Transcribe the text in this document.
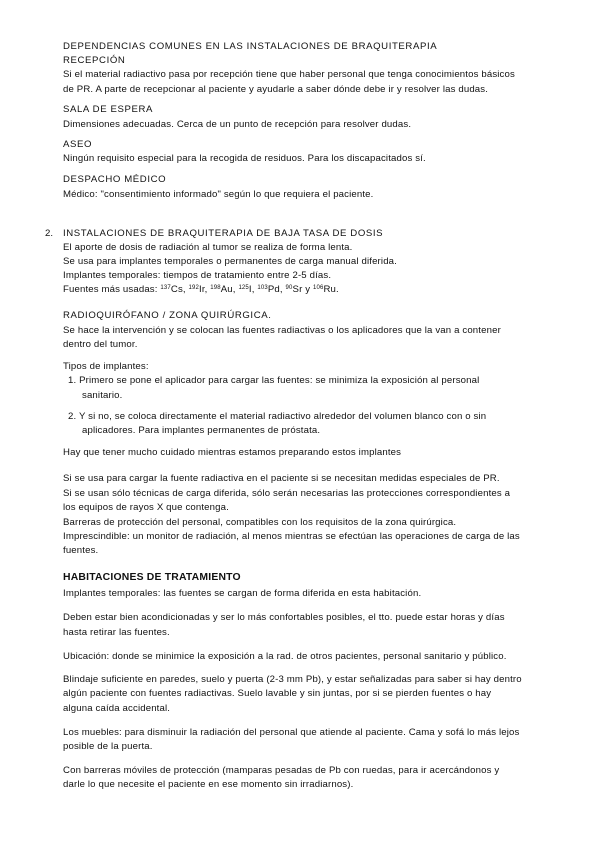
DEPENDENCIAS COMUNES EN LAS INSTALACIONES DE BRAQUITERAPIA
RECEPCIÓN
Si el material radiactivo pasa por recepción tiene que haber personal que tenga conocimientos básicos
de PR. A parte de recepcionar al paciente y ayudarle a saber dónde debe ir y resolver las dudas.
SALA DE ESPERA
Dimensiones adecuadas. Cerca de un punto de recepción para resolver dudas.
ASEO
Ningún requisito especial para la recogida de residuos. Para los discapacitados sí.
DESPACHO MÉDICO
Médico: "consentimiento informado" según lo que requiera el paciente.
2. INSTALACIONES DE BRAQUITERAPIA DE BAJA TASA DE DOSIS
El aporte de dosis de radiación al tumor se realiza de forma lenta.
Se usa para implantes temporales o permanentes de carga manual diferida.
Implantes temporales: tiempos de tratamiento entre 2-5 días.
Fuentes más usadas: $^{137}$Cs, $^{192}$Ir, $^{198}$Au, $^{125}$I, $^{103}$Pd, $^{90}$Sr y $^{106}$Ru.
RADIOQUIRÓFANO / ZONA QUIRÚRGICA.
Se hace la intervención y se colocan las fuentes radiactivas o los aplicadores que la van a contener
dentro del tumor.
Tipos de implantes:
1. Primero se pone el aplicador para cargar las fuentes: se minimiza la exposición al personal
sanitario.
2. Y si no, se coloca directamente el material radiactivo alrededor del volumen blanco con o sin
aplicadores. Para implantes permanentes de próstata.
Hay que tener mucho cuidado mientras estamos preparando estos implantes
Si se usa para cargar la fuente radiactiva en el paciente si se necesitan medidas especiales de PR.
Si se usan sólo técnicas de carga diferida, sólo serán necesarias las protecciones correspondientes a
los equipos de rayos X que contenga.
Barreras de protección del personal, compatibles con los requisitos de la zona quirúrgica.
Imprescindible: un monitor de radiación, al menos mientras se efectúan las operaciones de carga de las
fuentes.
HABITACIONES DE TRATAMIENTO
Implantes temporales: las fuentes se cargan de forma diferida en esta habitación.
Deben estar bien acondicionadas y ser lo más confortables posibles, el tto. puede estar horas y días
hasta retirar las fuentes.
Ubicación: donde se minimice la exposición a la rad. de otros pacientes, personal sanitario y público.
Blindaje suficiente en paredes, suelo y puerta (2-3 mm Pb), y estar señalizadas para saber si hay dentro
algún paciente con fuentes radiactivas. Suelo lavable y sin juntas, por si se pierden fuentes o hay
alguna caída accidental.
Los muebles: para disminuir la radiación del personal que atiende al paciente. Cama y sofá lo más lejos
posible de la puerta.
Con barreras móviles de protección (mamparas pesadas de Pb con ruedas, para ir acercándonos y
darle lo que necesite el paciente en ese momento sin irradiarnos).
